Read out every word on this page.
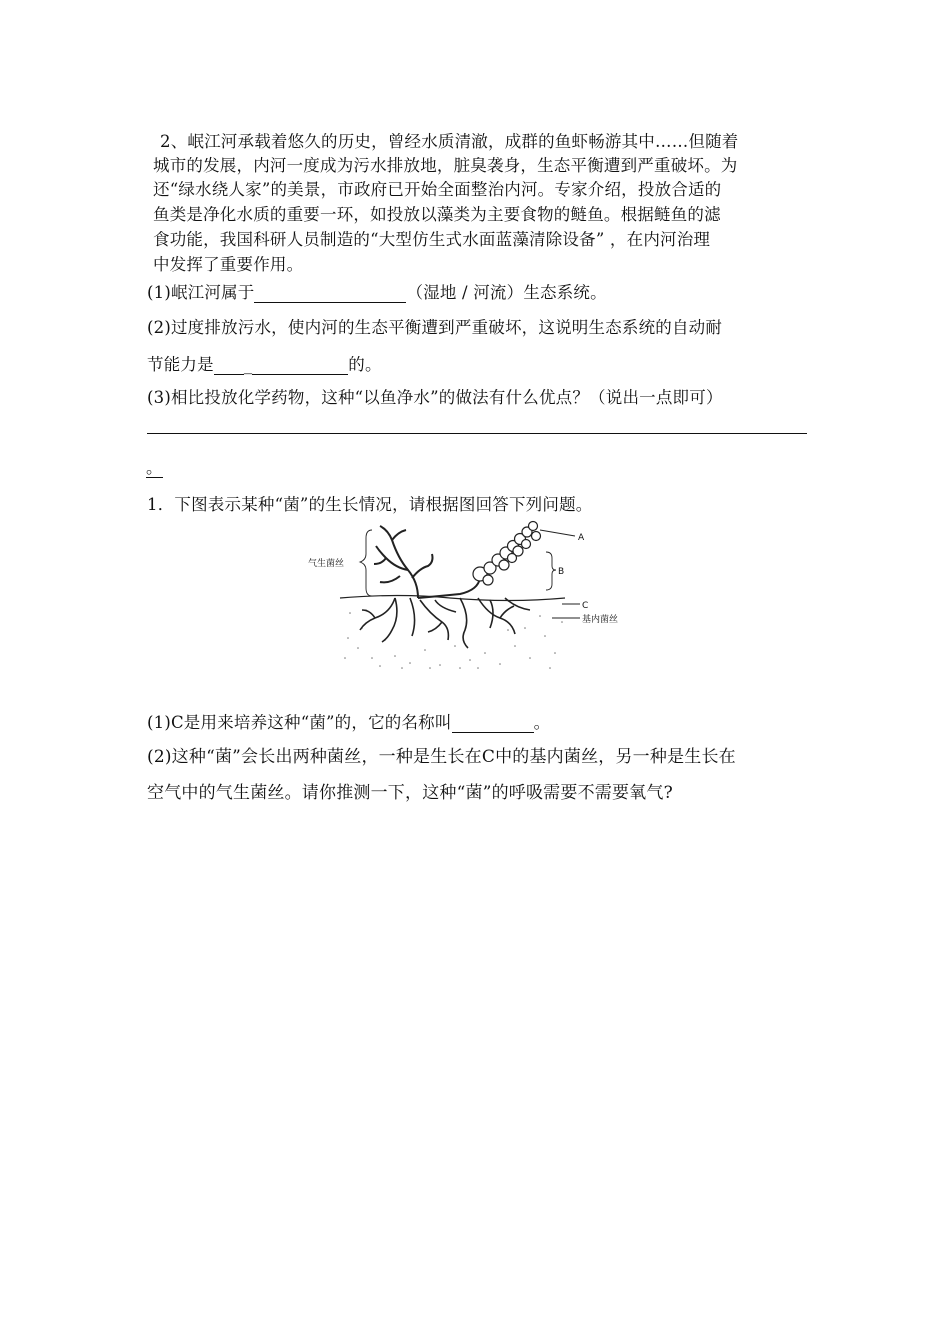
2、岷江河承载着悠久的历史，曾经水质清澈，成群的鱼虾畅游其中……但随着
城市的发展，内河一度成为污水排放地，脏臭袭身，生态平衡遭到严重破坏。为
还“绿水绕人家”的美景，市政府已开始全面整治内河。专家介绍，投放合适的
鱼类是净化水质的重要一环，如投放以藻类为主要食物的鲢鱼。根据鲢鱼的滤
食功能，我国科研人员制造的“大型仿生式水面蓝藻清除设备” ，在内河治理
中发挥了重要作用。
(1)岷江河属于	（湿地 / 河流）生态系统。
(2)过度排放污水，使内河的生态平衡遭到严重破坏，这说明生态系统的自动耐
节能力是 _	的。
(3)相比投放化学药物，这种“以鱼净水”的做法有什么优点？（说出一点即可）
。
1．下图表示某种“菌”的生长情况，请根据图回答下列问题。
气生菌丝
A
B
C
基内菌丝
(1)C是用来培养这种“菌”的，它的名称叫	。
(2)这种“菌”会长出两种菌丝，一种是生长在C中的基内菌丝，另一种是生长在
空气中的气生菌丝。请你推测一下，这种“菌”的呼吸需要不需要氧气?
